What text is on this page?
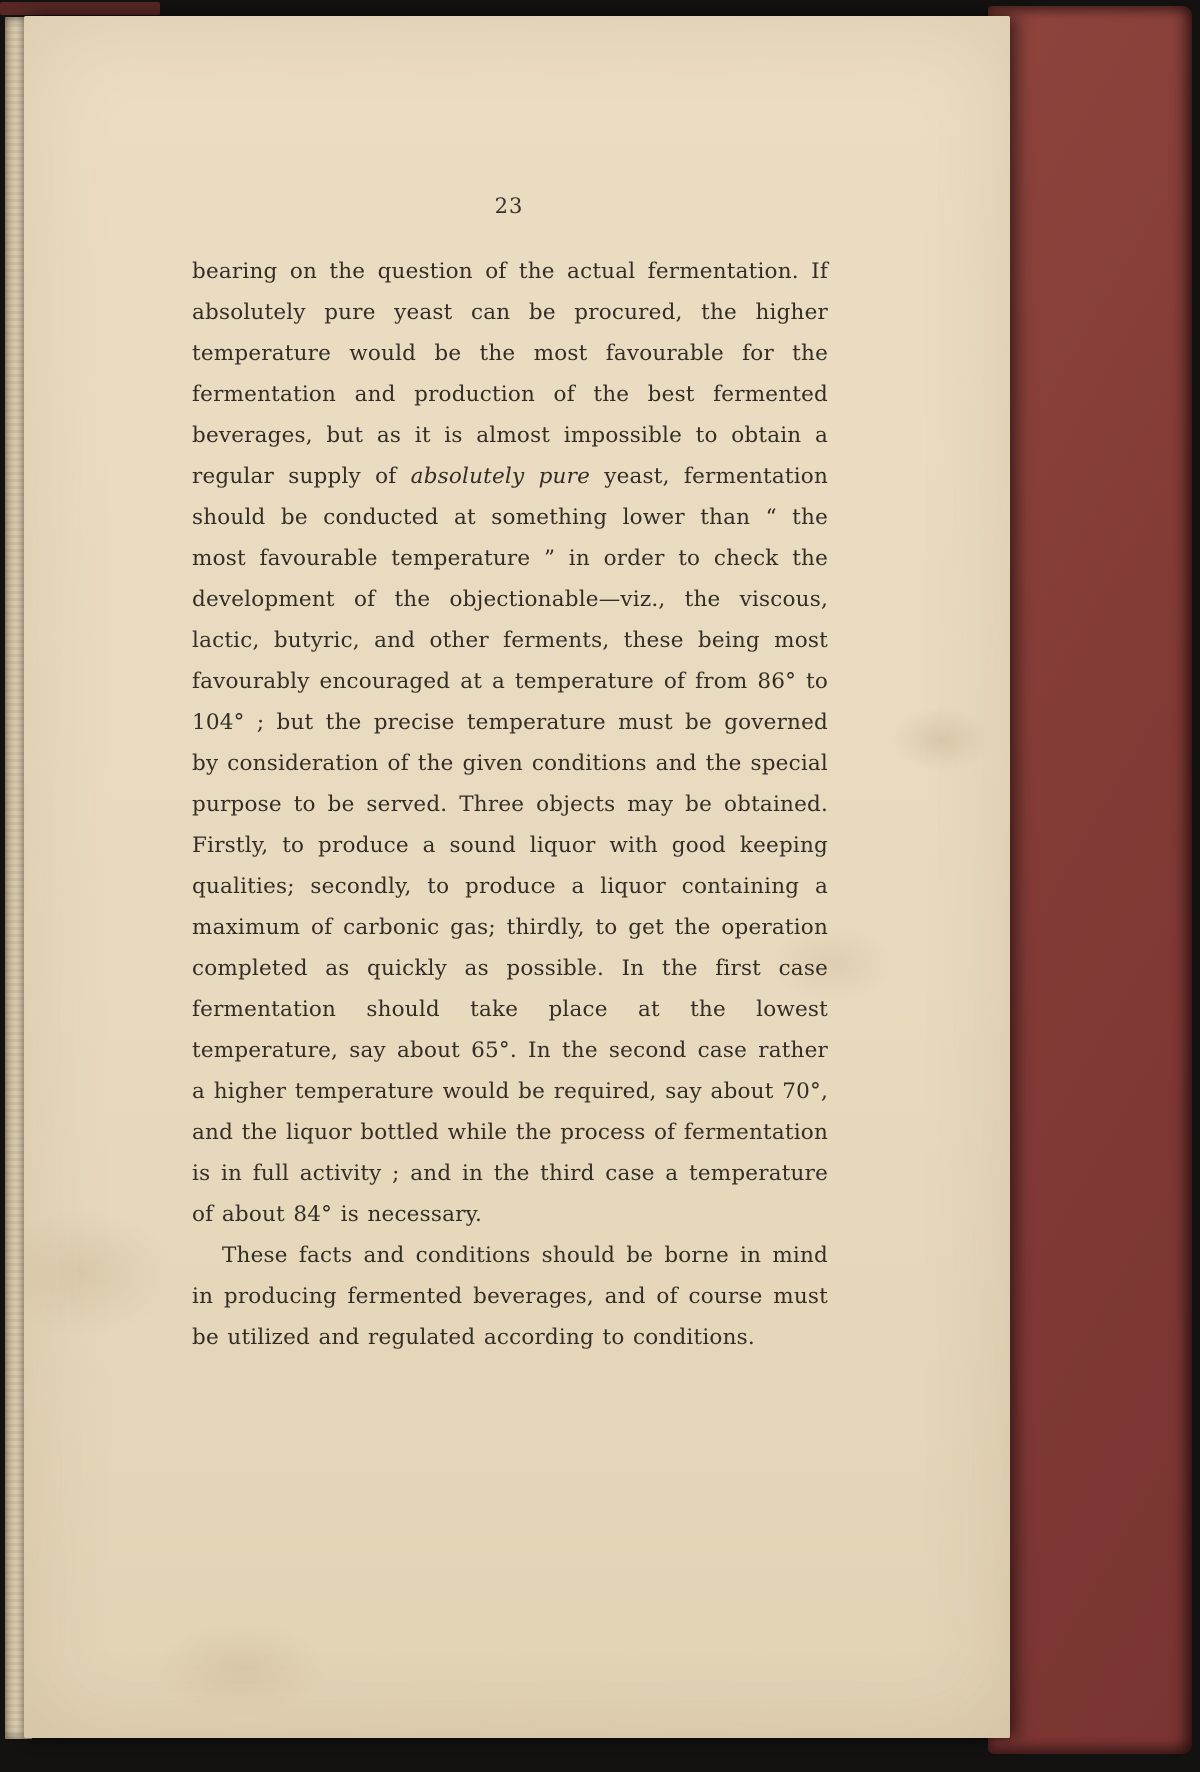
23

bearing on the question of the actual fermentation. If absolutely pure yeast can be procured, the higher temperature would be the most favourable for the fermentation and production of the best fermented beverages, but as it is almost impossible to obtain a regular supply of absolutely pure yeast, fermentation should be conducted at something lower than “ the most favourable temperature ” in order to check the development of the objectionable—viz., the viscous, lactic, butyric, and other ferments, these being most favourably encouraged at a temperature of from 86° to 104° ; but the precise temperature must be governed by consideration of the given conditions and the special purpose to be served. Three objects may be obtained. Firstly, to produce a sound liquor with good keeping qualities; secondly, to produce a liquor containing a maximum of carbonic gas; thirdly, to get the operation completed as quickly as possible. In the first case fermentation should take place at the lowest temperature, say about 65°. In the second case rather a higher temperature would be required, say about 70°, and the liquor bottled while the process of fermentation is in full activity ; and in the third case a temperature of about 84° is necessary.

These facts and conditions should be borne in mind in producing fermented beverages, and of course must be utilized and regulated according to conditions.
